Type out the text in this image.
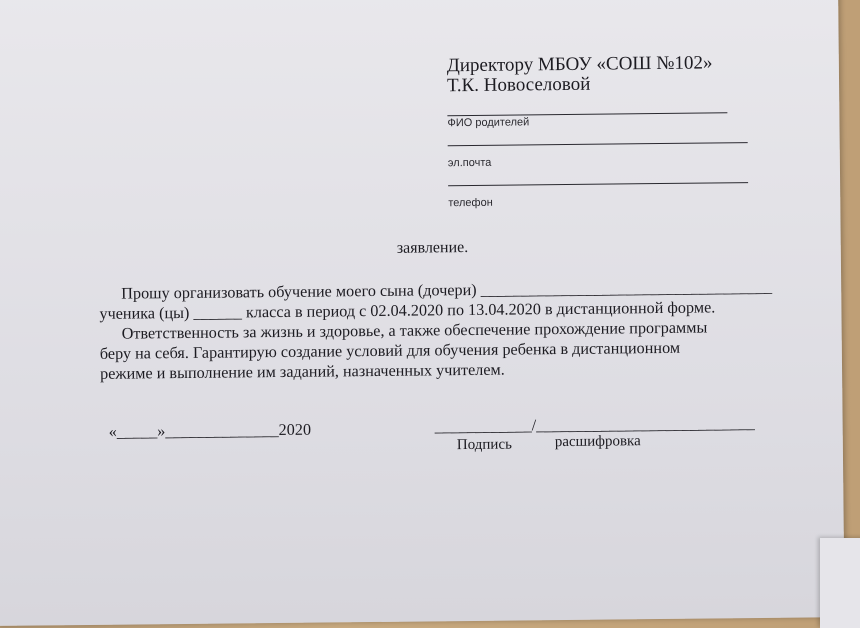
Директору МБОУ «СОШ №102»
Т.К. Новоселовой
ФИО родителей
эл.почта
телефон
заявление.
Прошу организовать обучение моего сына (дочери) ____________________________________
ученика (цы) ______ класса в период с 02.04.2020 по 13.04.2020 в дистанционной форме.
Ответственность за жизнь и здоровье, а также обеспечение прохождение программы
беру на себя. Гарантирую создание условий для обучения ребенка в дистанционном
режиме и выполнение им заданий, назначенных учителем.
«_____»______________2020	____________/___________________________
Подпись	расшифровка
